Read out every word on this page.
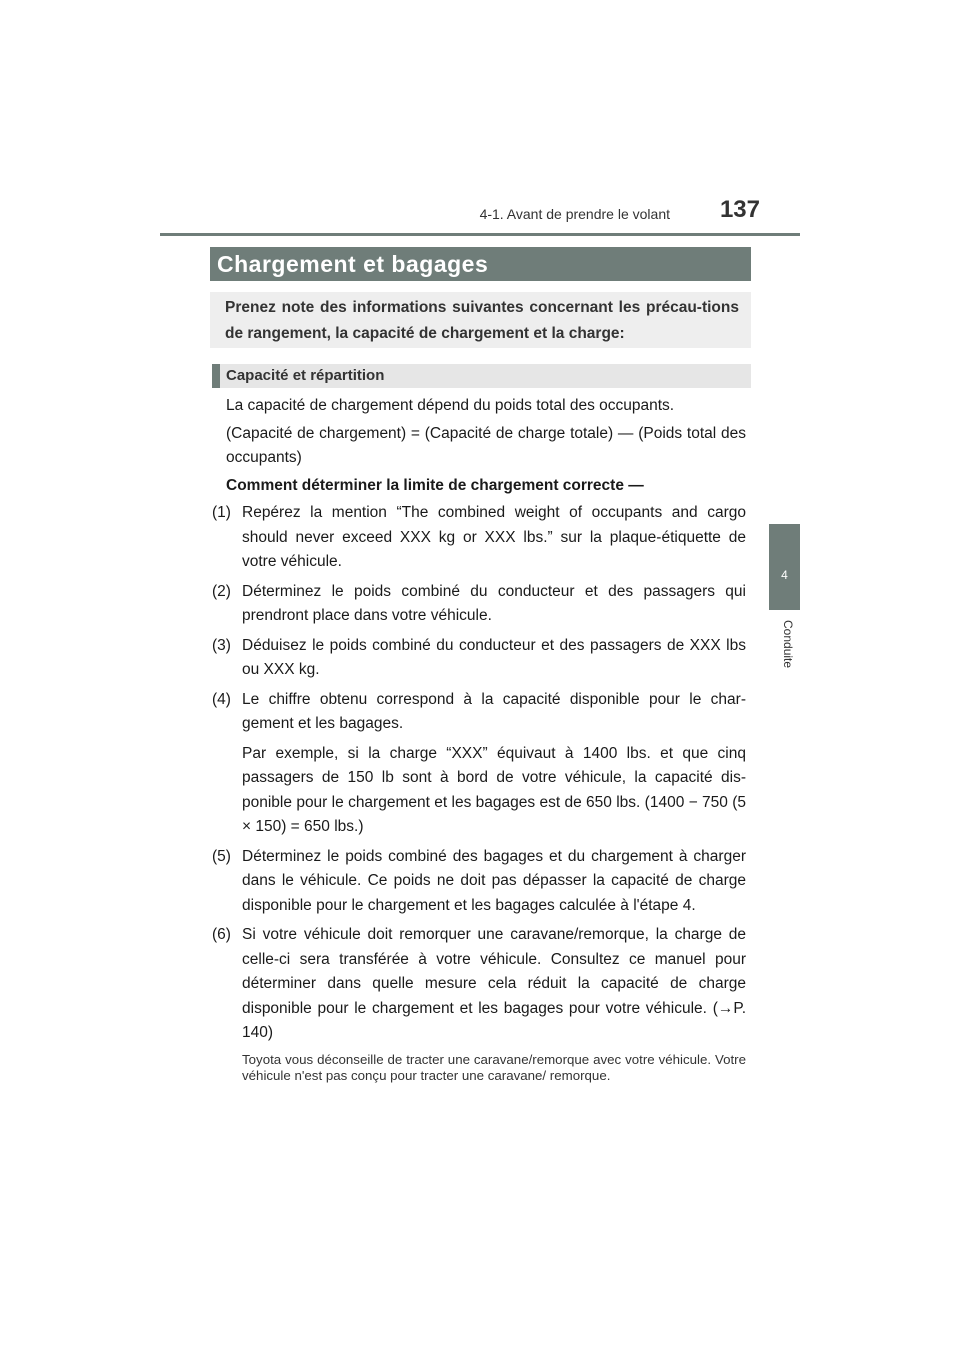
4-1. Avant de prendre le volant	137
4
Conduite
Chargement et bagages
Prenez note des informations suivantes concernant les précau-tions de rangement, la capacité de chargement et la charge:
Capacité et répartition

La capacité de chargement dépend du poids total des occupants.

(Capacité de chargement) = (Capacité de charge totale) — (Poids total des occupants)

Comment déterminer la limite de chargement correcte —

(1) Repérez la mention “The combined weight of occupants and cargo should never exceed XXX kg or XXX lbs.” sur la plaque-étiquette de votre véhicule.
(2) Déterminez le poids combiné du conducteur et des passagers qui prendront place dans votre véhicule.
(3) Déduisez le poids combiné du conducteur et des passagers de XXX lbs ou XXX kg.
(4) Le chiffre obtenu correspond à la capacité disponible pour le char-gement et les bagages.

Par exemple, si la charge “XXX” équivaut à 1400 lbs. et que cinq passagers de 150 lb sont à bord de votre véhicule, la capacité dis-ponible pour le chargement et les bagages est de 650 lbs. (1400 − 750 (5 × 150) = 650 lbs.)

(5) Déterminez le poids combiné des bagages et du chargement à charger dans le véhicule. Ce poids ne doit pas dépasser la capacité de charge disponible pour le chargement et les bagages calculée à l'étape 4.
(6) Si votre véhicule doit remorquer une caravane/remorque, la charge de celle-ci sera transférée à votre véhicule. Consultez ce manuel pour déterminer dans quelle mesure cela réduit la capacité de charge disponible pour le chargement et les bagages pour votre véhicule. (→P. 140)

Toyota vous déconseille de tracter une caravane/remorque avec votre véhicule. Votre véhicule n'est pas conçu pour tracter une caravane/ remorque.
